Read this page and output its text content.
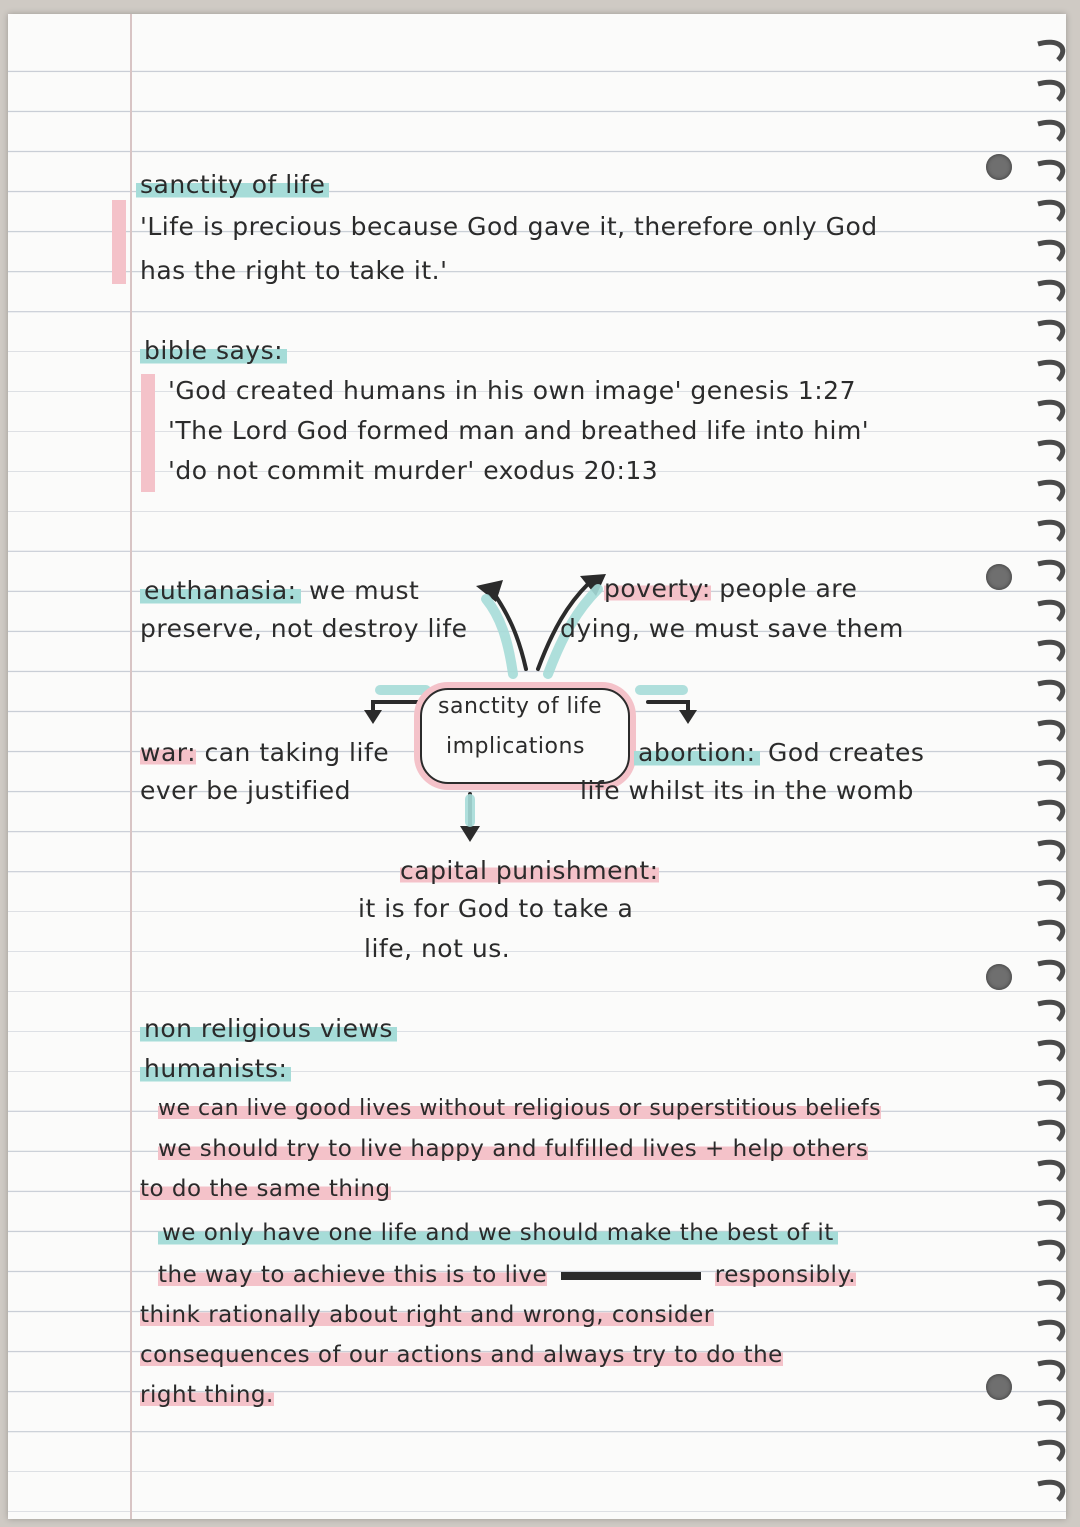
sanctity of life
'Life is precious because God gave it, therefore only God
has the right to take it.'
bible says:
'God created humans in his own image' genesis 1:27
'The Lord God formed man and breathed life into him'
'do not commit murder' exodus 20:13
sanctity of life
implications
euthanasia: we must
preserve, not destroy life
poverty: people are
dying, we must save them
war: can taking life
ever be justified
abortion: God creates
life whilst its in the womb
capital punishment:
it is for God to take a
life, not us.
non religious views
humanists:
we can live good lives without religious or superstitious beliefs
we should try to live happy and fulfilled lives + help others
to do the same thing
we only have one life and we should make the best of it
the way to achieve this is to live	responsibly.
think rationally about right and wrong, consider
consequences of our actions and always try to do the
right thing.
